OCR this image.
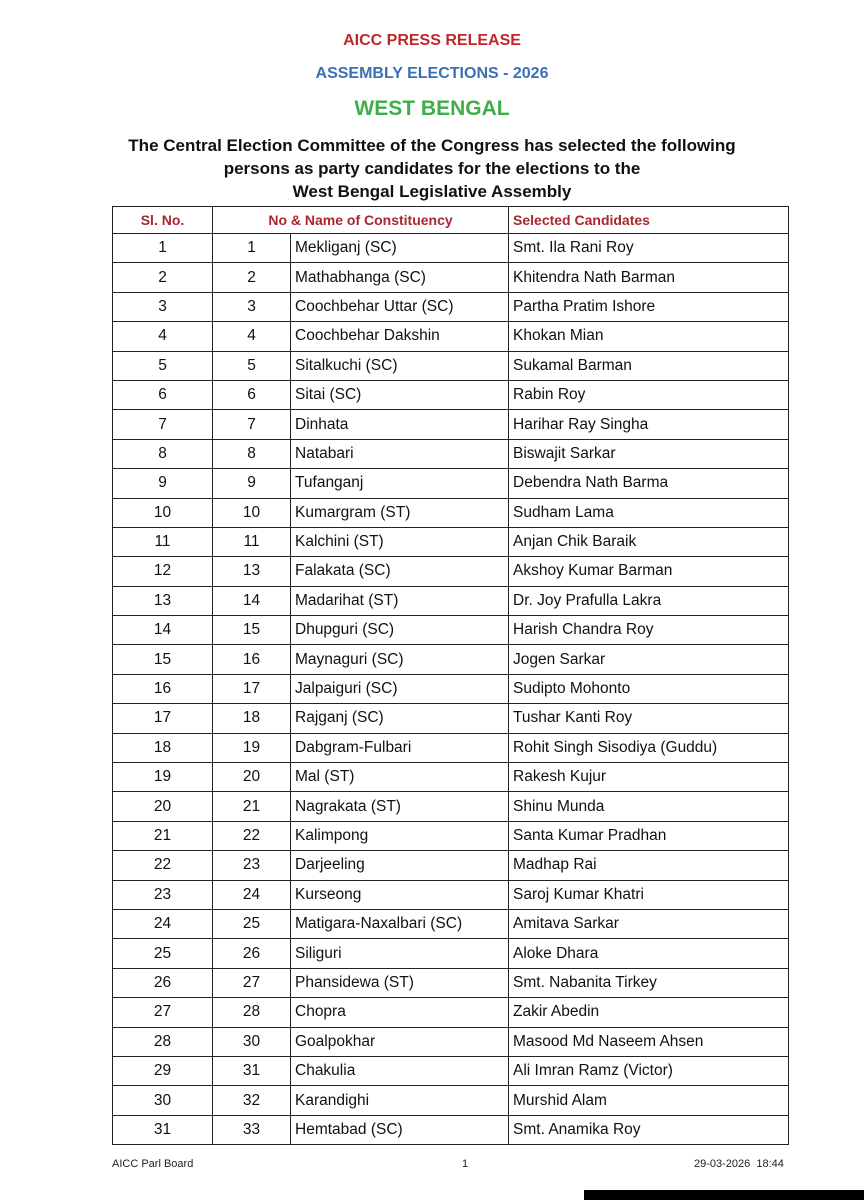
AICC PRESS RELEASE
ASSEMBLY ELECTIONS - 2026
WEST BENGAL
The Central Election Committee of the Congress has selected the following
persons as party candidates for the elections to the
West Bengal Legislative Assembly
Sl. No.	No & Name of Constituency		Selected Candidates
1	1	Mekliganj (SC)	Smt. Ila Rani Roy
2	2	Mathabhanga (SC)	Khitendra Nath Barman
3	3	Coochbehar Uttar (SC)	Partha Pratim Ishore
4	4	Coochbehar Dakshin	Khokan Mian
5	5	Sitalkuchi (SC)	Sukamal Barman
6	6	Sitai (SC)	Rabin Roy
7	7	Dinhata	Harihar Ray Singha
8	8	Natabari	Biswajit Sarkar
9	9	Tufanganj	Debendra Nath Barma
10	10	Kumargram (ST)	Sudham Lama
11	11	Kalchini (ST)	Anjan Chik Baraik
12	13	Falakata (SC)	Akshoy Kumar Barman
13	14	Madarihat (ST)	Dr. Joy Prafulla Lakra
14	15	Dhupguri (SC)	Harish Chandra Roy
15	16	Maynaguri (SC)	Jogen Sarkar
16	17	Jalpaiguri (SC)	Sudipto Mohonto
17	18	Rajganj (SC)	Tushar Kanti Roy
18	19	Dabgram-Fulbari	Rohit Singh Sisodiya (Guddu)
19	20	Mal (ST)	Rakesh Kujur
20	21	Nagrakata (ST)	Shinu Munda
21	22	Kalimpong	Santa Kumar Pradhan
22	23	Darjeeling	Madhap Rai
23	24	Kurseong	Saroj Kumar Khatri
24	25	Matigara-Naxalbari (SC)	Amitava Sarkar
25	26	Siliguri	Aloke Dhara
26	27	Phansidewa (ST)	Smt. Nabanita Tirkey
27	28	Chopra	Zakir Abedin
28	30	Goalpokhar	Masood Md Naseem Ahsen
29	31	Chakulia	Ali Imran Ramz (Victor)
30	32	Karandighi	Murshid Alam
31	33	Hemtabad (SC)	Smt. Anamika Roy
AICC Parl Board	1	29-03-2026  18:44
